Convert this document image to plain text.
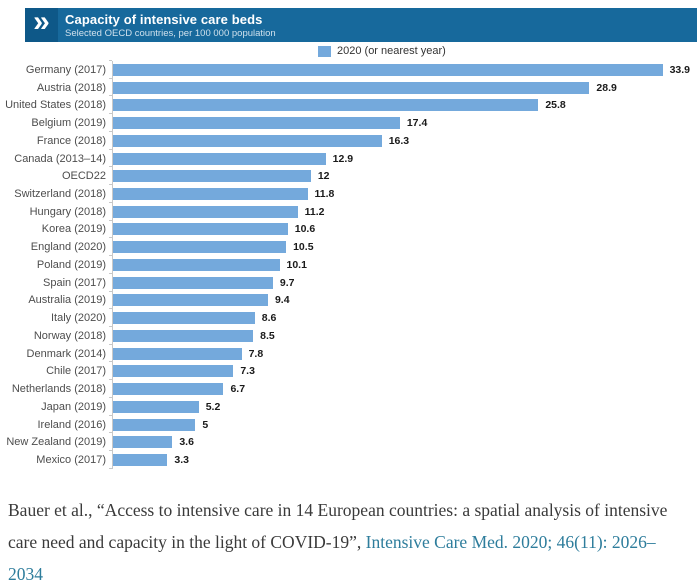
» Capacity of intensive care beds
Selected OECD countries, per 100 000 population
2020 (or nearest year)
Germany (2017)	33.9
Austria (2018)	28.9
United States (2018)	25.8
Belgium (2019)	17.4
France (2018)	16.3
Canada (2013–14)	12.9
OECD22	12
Switzerland (2018)	11.8
Hungary (2018)	11.2
Korea (2019)	10.6
England (2020)	10.5
Poland (2019)	10.1
Spain (2017)	9.7
Australia (2019)	9.4
Italy (2020)	8.6
Norway (2018)	8.5
Denmark (2014)	7.8
Chile (2017)	7.3
Netherlands (2018)	6.7
Japan (2019)	5.2
Ireland (2016)	5
New Zealand (2019)	3.6
Mexico (2017)	3.3
Bauer et al., “Access to intensive care in 14 European countries: a spatial analysis of intensive care need and capacity in the light of COVID-19”, Intensive Care Med. 2020; 46(11): 2026–2034
